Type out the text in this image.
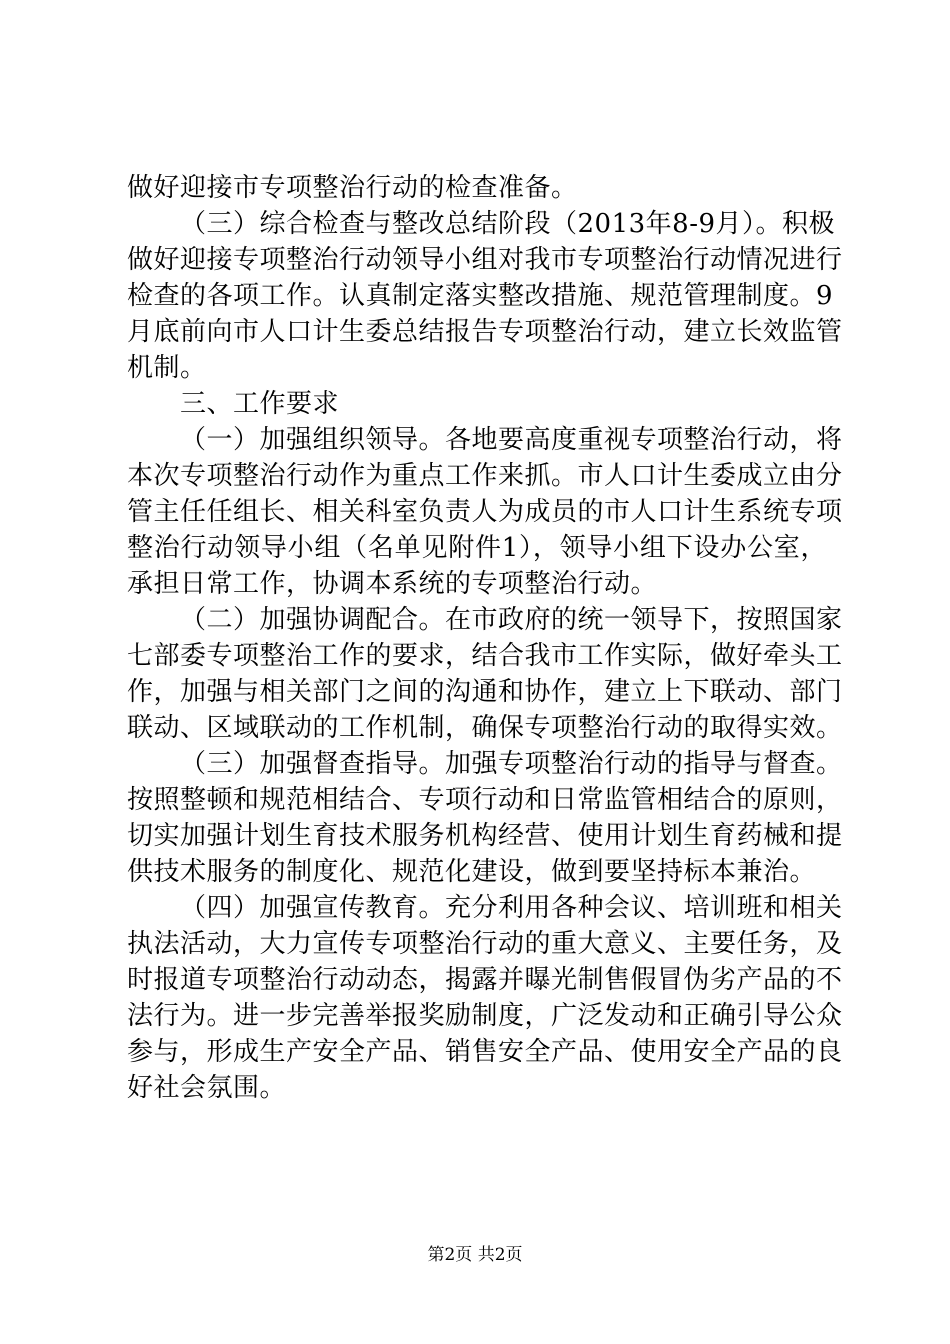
做好迎接市专项整治行动的检查准备。
（三）综合检查与整改总结阶段（2013年8-9月）。积极
做好迎接专项整治行动领导小组对我市专项整治行动情况进行
检查的各项工作。认真制定落实整改措施、规范管理制度。9
月底前向市人口计生委总结报告专项整治行动，建立长效监管
机制。
三、工作要求
（一）加强组织领导。各地要高度重视专项整治行动，将
本次专项整治行动作为重点工作来抓。市人口计生委成立由分
管主任任组长、相关科室负责人为成员的市人口计生系统专项
整治行动领导小组（名单见附件1），领导小组下设办公室，
承担日常工作，协调本系统的专项整治行动。
（二）加强协调配合。在市政府的统一领导下，按照国家
七部委专项整治工作的要求，结合我市工作实际，做好牵头工
作，加强与相关部门之间的沟通和协作，建立上下联动、部门
联动、区域联动的工作机制，确保专项整治行动的取得实效。
（三）加强督查指导。加强专项整治行动的指导与督查。
按照整顿和规范相结合、专项行动和日常监管相结合的原则，
切实加强计划生育技术服务机构经营、使用计划生育药械和提
供技术服务的制度化、规范化建设，做到要坚持标本兼治。
（四）加强宣传教育。充分利用各种会议、培训班和相关
执法活动，大力宣传专项整治行动的重大意义、主要任务，及
时报道专项整治行动动态，揭露并曝光制售假冒伪劣产品的不
法行为。进一步完善举报奖励制度，广泛发动和正确引导公众
参与，形成生产安全产品、销售安全产品、使用安全产品的良
好社会氛围。
第2页 共2页
